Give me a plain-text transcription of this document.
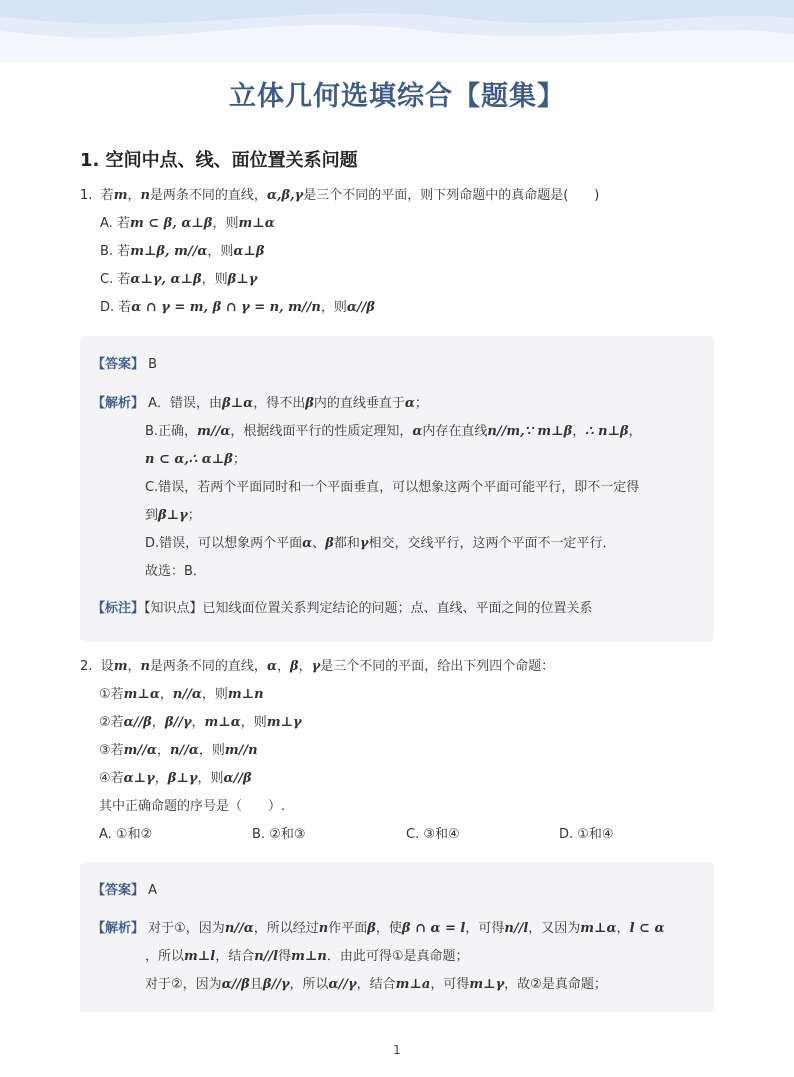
立体几何选填综合【题集】
1. 空间中点、线、面位置关系问题
1. 若m，n是两条不同的直线，α,β,γ是三个不同的平面，则下列命题中的真命题是(　　)
A. 若m ⊂ β, α⊥β，则m⊥α
B. 若m⊥β, m//α，则α⊥β
C. 若α⊥γ, α⊥β，则β⊥γ
D. 若α ∩ γ = m, β ∩ γ = n, m//n，则α//β
【答案】 B
【解析】 A．错误，由β⊥α，得不出β内的直线垂直于α；
B.正确，m//α，根据线面平行的性质定理知，α内存在直线n//m,∵ m⊥β，∴ n⊥β，
n ⊂ α,∴ α⊥β；
C.错误，若两个平面同时和一个平面垂直，可以想象这两个平面可能平行，即不一定得
到β⊥γ；
D.错误，可以想象两个平面α、β都和γ相交，交线平行，这两个平面不一定平行．
故选：B．
【标注】【知识点】已知线面位置关系判定结论的问题；点、直线、平面之间的位置关系
2. 设m，n是两条不同的直线，α，β，γ是三个不同的平面，给出下列四个命题：
①若m⊥α，n//α，则m⊥n
②若α//β，β//γ，m⊥α，则m⊥γ
③若m//α，n//α，则m//n
④若α⊥γ，β⊥γ，则α//β
其中正确命题的序号是（　　）.
A. ①和②	B. ②和③	C. ③和④	D. ①和④
【答案】 A
【解析】 对于①，因为n//α，所以经过n作平面β，使β ∩ α = l，可得n//l，又因为m⊥α，l ⊂ α
，所以m⊥l，结合n//l得m⊥n．由此可得①是真命题；
对于②，因为α//β且β//γ，所以α//γ，结合m⊥a，可得m⊥γ，故②是真命题；
1
